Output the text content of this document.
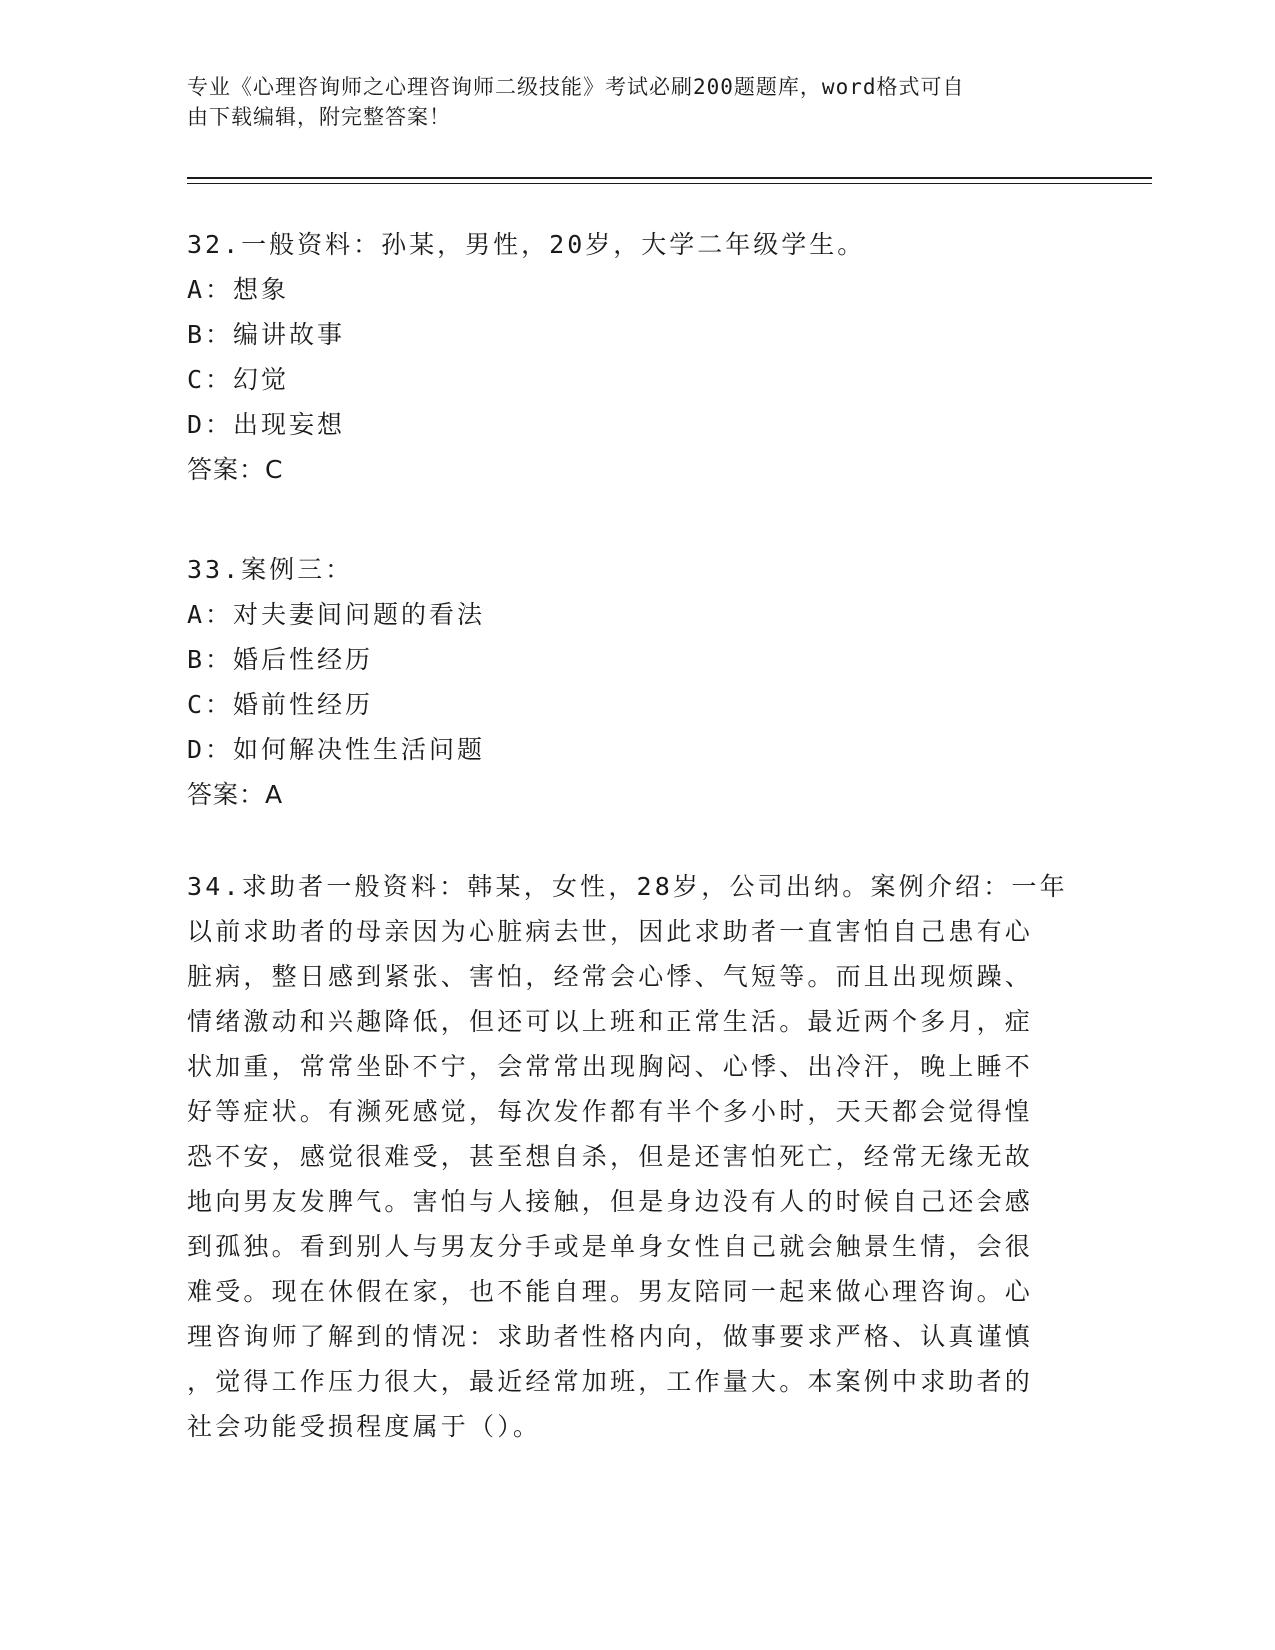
专业《心理咨询师之心理咨询师二级技能》考试必刷200题题库，word格式可自
由下载编辑，附完整答案！
32.一般资料：孙某，男性，20岁，大学二年级学生。
A：想象
B：编讲故事
C：幻觉
D：出现妄想
答案：C
33.案例三：
A：对夫妻间问题的看法
B：婚后性经历
C：婚前性经历
D：如何解决性生活问题
答案：A
34.求助者一般资料：韩某，女性，28岁，公司出纳。案例介绍：一年
以前求助者的母亲因为心脏病去世，因此求助者一直害怕自己患有心
脏病，整日感到紧张、害怕，经常会心悸、气短等。而且出现烦躁、
情绪激动和兴趣降低，但还可以上班和正常生活。最近两个多月，症
状加重，常常坐卧不宁，会常常出现胸闷、心悸、出冷汗，晚上睡不
好等症状。有濒死感觉，每次发作都有半个多小时，天天都会觉得惶
恐不安，感觉很难受，甚至想自杀，但是还害怕死亡，经常无缘无故
地向男友发脾气。害怕与人接触，但是身边没有人的时候自己还会感
到孤独。看到别人与男友分手或是单身女性自己就会触景生情，会很
难受。现在休假在家，也不能自理。男友陪同一起来做心理咨询。心
理咨询师了解到的情况：求助者性格内向，做事要求严格、认真谨慎
，觉得工作压力很大，最近经常加班，工作量大。本案例中求助者的
社会功能受损程度属于（）。
